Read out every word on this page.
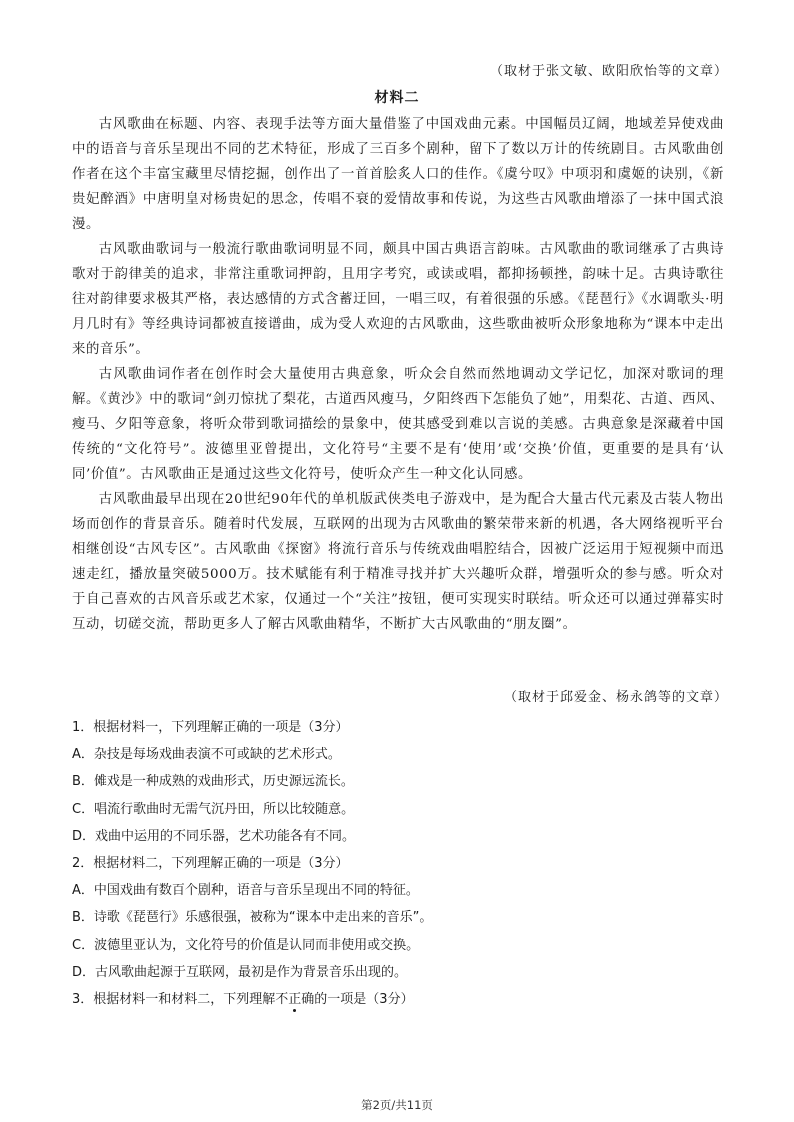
（取材于张文敏、欧阳欣怡等的文章）
材料二

古风歌曲在标题、内容、表现手法等方面大量借鉴了中国戏曲元素。中国幅员辽阔，地域差异使戏曲中的语音与音乐呈现出不同的艺术特征，形成了三百多个剧种，留下了数以万计的传统剧目。古风歌曲创作者在这个丰富宝藏里尽情挖掘，创作出了一首首脍炙人口的佳作。《虞兮叹》中项羽和虞姬的诀别，《新贵妃醉酒》中唐明皇对杨贵妃的思念，传唱不衰的爱情故事和传说，为这些古风歌曲增添了一抹中国式浪漫。

古风歌曲歌词与一般流行歌曲歌词明显不同，颇具中国古典语言韵味。古风歌曲的歌词继承了古典诗歌对于韵律美的追求，非常注重歌词押韵，且用字考究，或读或唱，都抑扬顿挫，韵味十足。古典诗歌往往对韵律要求极其严格，表达感情的方式含蓄迂回，一唱三叹，有着很强的乐感。《琵琶行》《水调歌头·明月几时有》等经典诗词都被直接谱曲，成为受人欢迎的古风歌曲，这些歌曲被听众形象地称为“课本中走出来的音乐”。

古风歌曲词作者在创作时会大量使用古典意象，听众会自然而然地调动文学记忆，加深对歌词的理解。《黄沙》中的歌词“剑刃惊扰了梨花，古道西风瘦马，夕阳终西下怎能负了她”，用梨花、古道、西风、瘦马、夕阳等意象，将听众带到歌词描绘的景象中，使其感受到难以言说的美感。古典意象是深藏着中国传统的“文化符号”。波德里亚曾提出，文化符号“主要不是有‘使用’或‘交换’价值，更重要的是具有‘认同’价值”。古风歌曲正是通过这些文化符号，使听众产生一种文化认同感。

古风歌曲最早出现在20世纪90年代的单机版武侠类电子游戏中，是为配合大量古代元素及古装人物出场而创作的背景音乐。随着时代发展，互联网的出现为古风歌曲的繁荣带来新的机遇，各大网络视听平台相继创设“古风专区”。古风歌曲《探窗》将流行音乐与传统戏曲唱腔结合，因被广泛运用于短视频中而迅速走红，播放量突破5000万。技术赋能有利于精准寻找并扩大兴趣听众群，增强听众的参与感。听众对于自己喜欢的古风音乐或艺术家，仅通过一个“关注”按钮，便可实现实时联结。听众还可以通过弹幕实时互动，切磋交流，帮助更多人了解古风歌曲精华，不断扩大古风歌曲的“朋友圈”。

（取材于邱爱金、杨永鸽等的文章）

1．根据材料一，下列理解正确的一项是（3分）

A．杂技是每场戏曲表演不可或缺的艺术形式。

B．傩戏是一种成熟的戏曲形式，历史源远流长。

C．唱流行歌曲时无需气沉丹田，所以比较随意。

D．戏曲中运用的不同乐器，艺术功能各有不同。

2．根据材料二，下列理解正确的一项是（3分）

A．中国戏曲有数百个剧种，语音与音乐呈现出不同的特征。

B．诗歌《琵琶行》乐感很强，被称为“课本中走出来的音乐”。

C．波德里亚认为，文化符号的价值是认同而非使用或交换。

D．古风歌曲起源于互联网，最初是作为背景音乐出现的。

3．根据材料一和材料二，下列理解不正确的一项是（3分）

第2页/共11页
